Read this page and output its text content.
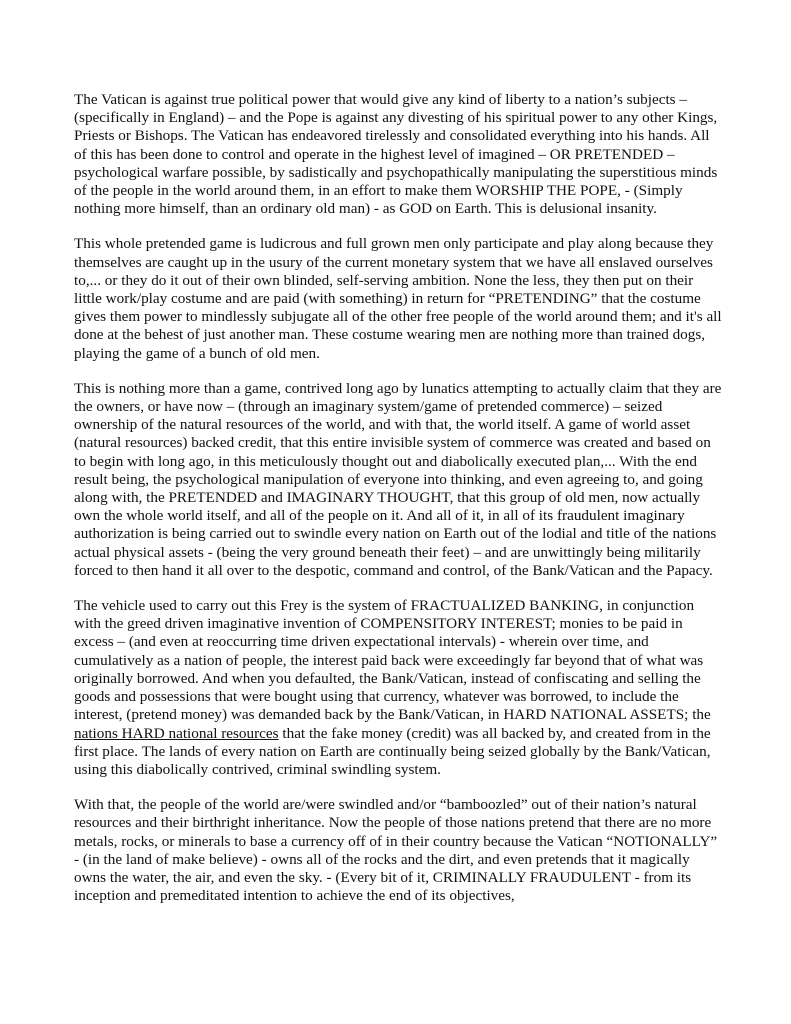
The Vatican is against true political power that would give any kind of liberty to a nation’s subjects – (specifically in England) – and the Pope is against any divesting of his spiritual power to any other Kings, Priests or Bishops. The Vatican has endeavored tirelessly and consolidated everything into his hands. All of this has been done to control and operate in the highest level of imagined – OR PRETENDED – psychological warfare possible, by sadistically and psychopathically manipulating the superstitious minds of the people in the world around them, in an effort to make them WORSHIP THE POPE, - (Simply nothing more himself, than an ordinary old man) - as GOD on Earth. This is delusional insanity.

This whole pretended game is ludicrous and full grown men only participate and play along because they themselves are caught up in the usury of the current monetary system that we have all enslaved ourselves to,... or they do it out of their own blinded, self-serving ambition. None the less, they then put on their little work/play costume and are paid (with something) in return for “PRETENDING” that the costume gives them power to mindlessly subjugate all of the other free people of the world around them; and it's all done at the behest of just another man. These costume wearing men are nothing more than trained dogs, playing the game of a bunch of old men.

This is nothing more than a game, contrived long ago by lunatics attempting to actually claim that they are the owners, or have now – (through an imaginary system/game of pretended commerce) – seized ownership of the natural resources of the world, and with that, the world itself. A game of world asset (natural resources) backed credit, that this entire invisible system of commerce was created and based on to begin with long ago, in this meticulously thought out and diabolically executed plan,... With the end result being, the psychological manipulation of everyone into thinking, and even agreeing to, and going along with, the PRETENDED and IMAGINARY THOUGHT, that this group of old men, now actually own the whole world itself, and all of the people on it. And all of it, in all of its fraudulent imaginary authorization is being carried out to swindle every nation on Earth out of the lodial and title of the nations actual physical assets - (being the very ground beneath their feet) – and are unwittingly being militarily forced to then hand it all over to the despotic, command and control, of the Bank/Vatican and the Papacy.

The vehicle used to carry out this Frey is the system of FRACTUALIZED BANKING, in conjunction with the greed driven imaginative invention of COMPENSITORY INTEREST; monies to be paid in excess – (and even at reoccurring time driven expectational intervals) - wherein over time, and cumulatively as a nation of people, the interest paid back were exceedingly far beyond that of what was originally borrowed. And when you defaulted, the Bank/Vatican, instead of confiscating and selling the goods and possessions that were bought using that currency, whatever was borrowed, to include the interest, (pretend money) was demanded back by the Bank/Vatican, in HARD NATIONAL ASSETS; the nations HARD national resources that the fake money (credit) was all backed by, and created from in the first place. The lands of every nation on Earth are continually being seized globally by the Bank/Vatican, using this diabolically contrived, criminal swindling system.

With that, the people of the world are/were swindled and/or “bamboozled” out of their nation’s natural resources and their birthright inheritance. Now the people of those nations pretend that there are no more metals, rocks, or minerals to base a currency off of in their country because the Vatican “NOTIONALLY” - (in the land of make believe) - owns all of the rocks and the dirt, and even pretends that it magically owns the water, the air, and even the sky. - (Every bit of it, CRIMINALLY FRAUDULENT - from its inception and premeditated intention to achieve the end of its objectives,
